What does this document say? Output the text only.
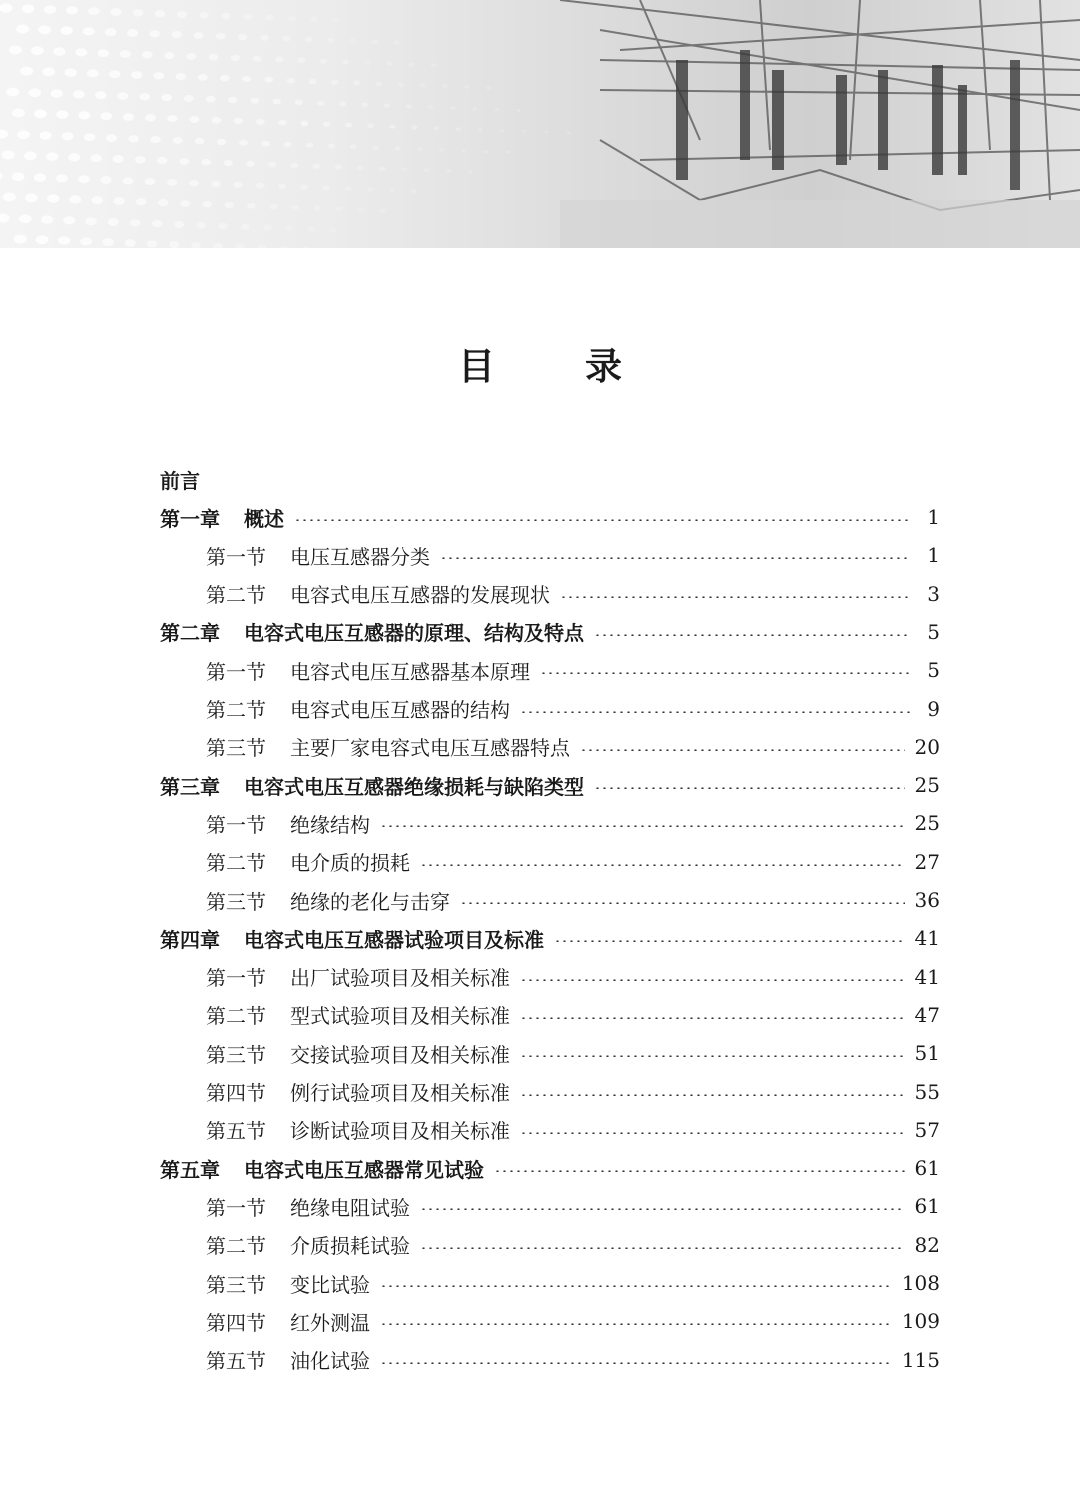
目 录
前言
第一章 概述	1
第一节 电压互感器分类	1
第二节 电容式电压互感器的发展现状	3
第二章 电容式电压互感器的原理、结构及特点	5
第一节 电容式电压互感器基本原理	5
第二节 电容式电压互感器的结构	9
第三节 主要厂家电容式电压互感器特点	20
第三章 电容式电压互感器绝缘损耗与缺陷类型	25
第一节 绝缘结构	25
第二节 电介质的损耗	27
第三节 绝缘的老化与击穿	36
第四章 电容式电压互感器试验项目及标准	41
第一节 出厂试验项目及相关标准	41
第二节 型式试验项目及相关标准	47
第三节 交接试验项目及相关标准	51
第四节 例行试验项目及相关标准	55
第五节 诊断试验项目及相关标准	57
第五章 电容式电压互感器常见试验	61
第一节 绝缘电阻试验	61
第二节 介质损耗试验	82
第三节 变比试验	108
第四节 红外测温	109
第五节 油化试验	115
